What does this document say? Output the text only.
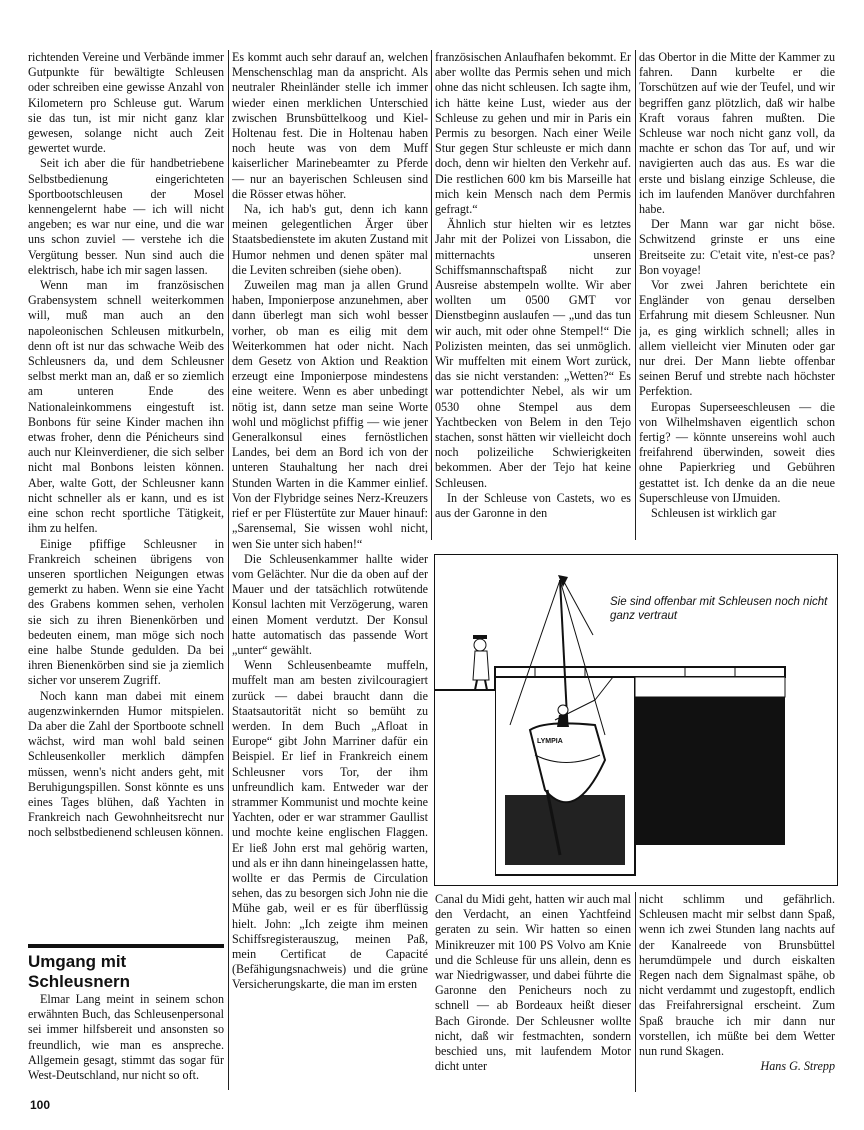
richtenden Vereine und Verbände immer Gutpunkte für bewältigte Schleusen oder schreiben eine gewisse Anzahl von Kilometern pro Schleuse gut. Warum sie das tun, ist mir nicht ganz klar gewesen, solange nicht auch Zeit gewertet wurde.

Seit ich aber die für handbetriebene Selbstbedienung eingerichteten Sportbootschleusen der Mosel kennengelernt habe — ich will nicht angeben; es war nur eine, und die war uns schon zuviel — verstehe ich die Vergütung besser. Nun sind auch die elektrisch, habe ich mir sagen lassen.

Wenn man im französischen Grabensystem schnell weiterkommen will, muß man auch an den napoleonischen Schleusen mitkurbeln, denn oft ist nur das schwache Weib des Schleusners da, und dem Schleusner selbst merkt man an, daß er so ziemlich am unteren Ende des Nationaleinkommens eingestuft ist. Bonbons für seine Kinder machen ihn etwas froher, denn die Pénicheurs sind auch nur Kleinverdiener, die sich selber nicht mal Bonbons leisten können. Aber, walte Gott, der Schleusner kann nicht schneller als er kann, und es ist eine schon recht sportliche Tätigkeit, ihm zu helfen.

Einige pfiffige Schleusner in Frankreich scheinen übrigens von unseren sportlichen Neigungen etwas gemerkt zu haben. Wenn sie eine Yacht des Grabens kommen sehen, verholen sie sich zu ihren Bienenkörben und bedeuten einem, man möge sich noch eine halbe Stunde gedulden. Da bei ihren Bienenkörben sind sie ja ziemlich sicher vor unserem Zugriff.

Noch kann man dabei mit einem augenzwinkernden Humor mitspielen. Da aber die Zahl der Sportboote schnell wächst, wird man wohl bald seinen Schleusenkoller merklich dämpfen müssen, wenn's nicht anders geht, mit Beruhigungspillen. Sonst könnte es uns eines Tages blühen, daß Yachten in Frankreich nach Gewohnheitsrecht nur noch selbstbedienend schleusen können.

Umgang mit Schleusnern

Elmar Lang meint in seinem schon erwähnten Buch, das Schleusenpersonal sei immer hilfsbereit und ansonsten so freundlich, wie man es anspreche. Allgemein gesagt, stimmt das sogar für West-Deutschland, nur nicht so oft.

Es kommt auch sehr darauf an, welchen Menschenschlag man da anspricht. Als neutraler Rheinländer stelle ich immer wieder einen merklichen Unterschied zwischen Brunsbüttelkoog und Kiel-Holtenau fest. Die in Holtenau haben noch heute was von dem Muff kaiserlicher Marinebeamter zu Pferde — nur an bayerischen Schleusen sind die Rösser etwas höher.

Na, ich hab's gut, denn ich kann meinen gelegentlichen Ärger über Staatsbedienstete im akuten Zustand mit Humor nehmen und denen später mal die Leviten schreiben (siehe oben).

Zuweilen mag man ja allen Grund haben, Imponierpose anzunehmen, aber dann überlegt man sich wohl besser vorher, ob man es eilig mit dem Weiterkommen hat oder nicht. Nach dem Gesetz von Aktion und Reaktion erzeugt eine Imponierpose mindestens eine weitere. Wenn es aber unbedingt nötig ist, dann setze man seine Worte wohl und möglichst pfiffig — wie jener Generalkonsul eines fernöstlichen Landes, bei dem an Bord ich von der unteren Stauhaltung her nach drei Stunden Warten in die Kammer einlief. Von der Flybridge seines Nerz-Kreuzers rief er per Flüstertüte zur Mauer hinauf: „Sarensemal, Sie wissen wohl nicht, wen Sie unter sich haben!“

Die Schleusenkammer hallte wider vom Gelächter. Nur die da oben auf der Mauer und der tatsächlich rotwütende Konsul lachten mit Verzögerung, waren einen Moment verdutzt. Der Konsul hatte automatisch das passende Wort „unter“ gewählt.

Wenn Schleusenbeamte muffeln, muffelt man am besten zivilcouragiert zurück — dabei braucht dann die Staatsautorität nicht so bemüht zu werden. In dem Buch „Afloat in Europe“ gibt John Marriner dafür ein Beispiel. Er lief in Frankreich einem Schleusner vors Tor, der ihm unfreundlich kam. Entweder war der strammer Kommunist und mochte keine Yachten, oder er war strammer Gaullist und mochte keine englischen Flaggen. Er ließ John erst mal gehörig warten, und als er ihn dann hineingelassen hatte, wollte er das Permis de Circulation sehen, das zu besorgen sich John nie die Mühe gab, weil er es für überflüssig hielt. John: „Ich zeigte ihm meinen Schiffsregisterauszug, meinen Paß, mein Certificat de Capacité (Befähigungsnachweis) und die grüne Versicherungskarte, die man im ersten

französischen Anlaufhafen bekommt. Er aber wollte das Permis sehen und mich ohne das nicht schleusen. Ich sagte ihm, ich hätte keine Lust, wieder aus der Schleuse zu gehen und mir in Paris ein Permis zu besorgen. Nach einer Weile Stur gegen Stur schleuste er mich dann doch, denn wir hielten den Verkehr auf. Die restlichen 600 km bis Marseille hat mich kein Mensch nach dem Permis gefragt.“

Ähnlich stur hielten wir es letztes Jahr mit der Polizei von Lissabon, die mitternachts unseren Schiffsmannschaftspaß nicht zur Ausreise abstempeln wollte. Wir aber wollten um 0500 GMT vor Dienstbeginn auslaufen — „und das tun wir auch, mit oder ohne Stempel!“ Die Polizisten meinten, das sei unmöglich. Wir muffelten mit einem Wort zurück, das sie nicht verstanden: „Wetten?“ Es war pottendichter Nebel, als wir um 0530 ohne Stempel aus dem Yachtbecken von Belem in den Tejo stachen, sonst hätten wir vielleicht doch noch polizeiliche Schwierigkeiten bekommen. Aber der Tejo hat keine Schleusen.

In der Schleuse von Castets, wo es aus der Garonne in den

das Obertor in die Mitte der Kammer zu fahren. Dann kurbelte er die Torschützen auf wie der Teufel, und wir begriffen ganz plötzlich, daß wir halbe Kraft voraus fahren mußten. Die Schleuse war noch nicht ganz voll, da machte er schon das Tor auf, und wir navigierten auch das aus. Es war die erste und bislang einzige Schleuse, die ich im laufenden Manöver durchfahren habe.

Der Mann war gar nicht böse. Schwitzend grinste er uns eine Breitseite zu: C'etait vite, n'est-ce pas? Bon voyage!

Vor zwei Jahren berichtete ein Engländer von genau derselben Erfahrung mit diesem Schleusner. Nun ja, es ging wirklich schnell; alles in allem vielleicht vier Minuten oder gar nur drei. Der Mann liebte offenbar seinen Beruf und strebte nach höchster Perfektion.

Europas Superseeschleusen — die von Wilhelmshaven eigentlich schon fertig? — könnte unsereins wohl auch freifahrend überwinden, soweit dies ohne Papierkrieg und Gebühren gestattet ist. Ich denke da an die neue Superschleuse von IJmuiden.

Schleusen ist wirklich gar

Sie sind offenbar mit Schleusen noch nicht ganz vertraut
LYMPIA

Canal du Midi geht, hatten wir auch mal den Verdacht, an einen Yachtfeind geraten zu sein. Wir hatten so einen Minikreuzer mit 100 PS Volvo am Knie und die Schleuse für uns allein, denn es war Niedrigwasser, und dabei führte die Garonne den Penicheurs noch zu schnell — ab Bordeaux heißt dieser Bach Gironde. Der Schleusner wollte nicht, daß wir festmachten, sondern beschied uns, mit laufendem Motor dicht unter

nicht schlimm und gefährlich. Schleusen macht mir selbst dann Spaß, wenn ich zwei Stunden lang nachts auf der Kanalreede von Brunsbüttel herumdümpele und durch eiskalten Regen nach dem Signalmast spähe, ob nicht verdammt und zugestopft, endlich das Freifahrersignal erscheint. Zum Spaß brauche ich mir dann nur vorstellen, ich müßte bei dem Wetter nun rund Skagen.

Hans G. Strepp

100
